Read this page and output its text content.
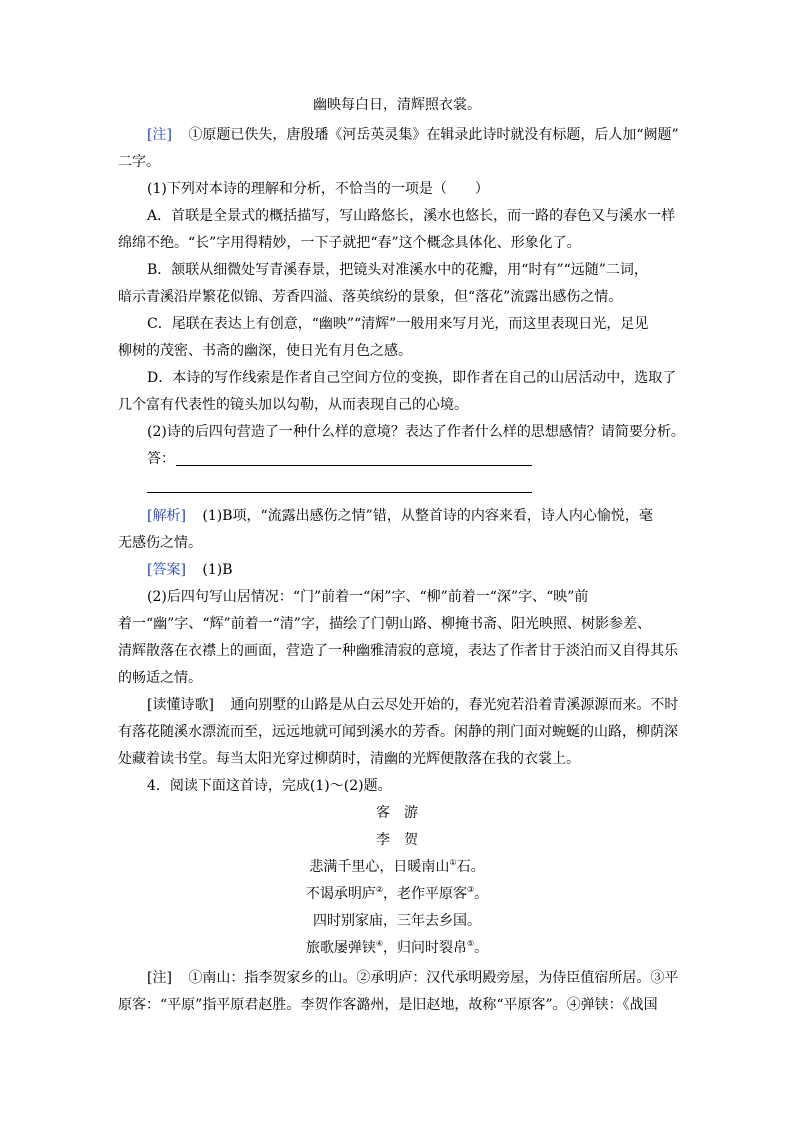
幽映每白日，清辉照衣裳。
[注] ①原题已佚失，唐殷璠《河岳英灵集》在辑录此诗时就没有标题，后人加“阙题”
二字。
(1)下列对本诗的理解和分析，不恰当的一项是（　　）
A．首联是全景式的概括描写，写山路悠长，溪水也悠长，而一路的春色又与溪水一样
绵绵不绝。“长”字用得精妙，一下子就把“春”这个概念具体化、形象化了。
B．颔联从细微处写青溪春景，把镜头对准溪水中的花瓣，用“时有”“远随”二词，
暗示青溪沿岸繁花似锦、芳香四溢、落英缤纷的景象，但“落花”流露出感伤之情。
C．尾联在表达上有创意，“幽映”“清辉”一般用来写月光，而这里表现日光，足见
柳树的茂密、书斋的幽深，使日光有月色之感。
D．本诗的写作线索是作者自己空间方位的变换，即作者在自己的山居活动中，选取了
几个富有代表性的镜头加以勾勒，从而表现自己的心境。
(2)诗的后四句营造了一种什么样的意境？表达了作者什么样的思想感情？请简要分析。
答：
[解析] (1)B项，“流露出感伤之情”错，从整首诗的内容来看，诗人内心愉悦，毫
无感伤之情。
[答案] (1)B
(2)后四句写山居情况：“门”前着一“闲”字、“柳”前着一“深”字、“映”前
着一“幽”字、“辉”前着一“清”字，描绘了门朝山路、柳掩书斋、阳光映照、树影参差、
清辉散落在衣襟上的画面，营造了一种幽雅清寂的意境，表达了作者甘于淡泊而又自得其乐
的畅适之情。
[读懂诗歌] 通向别墅的山路是从白云尽处开始的，春光宛若沿着青溪源源而来。不时
有落花随溪水漂流而至，远远地就可闻到溪水的芳香。闲静的荆门面对蜿蜒的山路，柳荫深
处藏着读书堂。每当太阳光穿过柳荫时，清幽的光辉便散落在我的衣裳上。
4．阅读下面这首诗，完成(1)～(2)题。
客　游
李　贺
悲满千里心，日暖南山①石。
不谒承明庐②，老作平原客③。
四时别家庙，三年去乡国。
旅歌屡弹铗④，归问时裂帛⑤。
[注] ①南山：指李贺家乡的山。②承明庐：汉代承明殿旁屋，为侍臣值宿所居。③平
原客：“平原”指平原君赵胜。李贺作客潞州，是旧赵地，故称“平原客”。④弹铗：《战国
